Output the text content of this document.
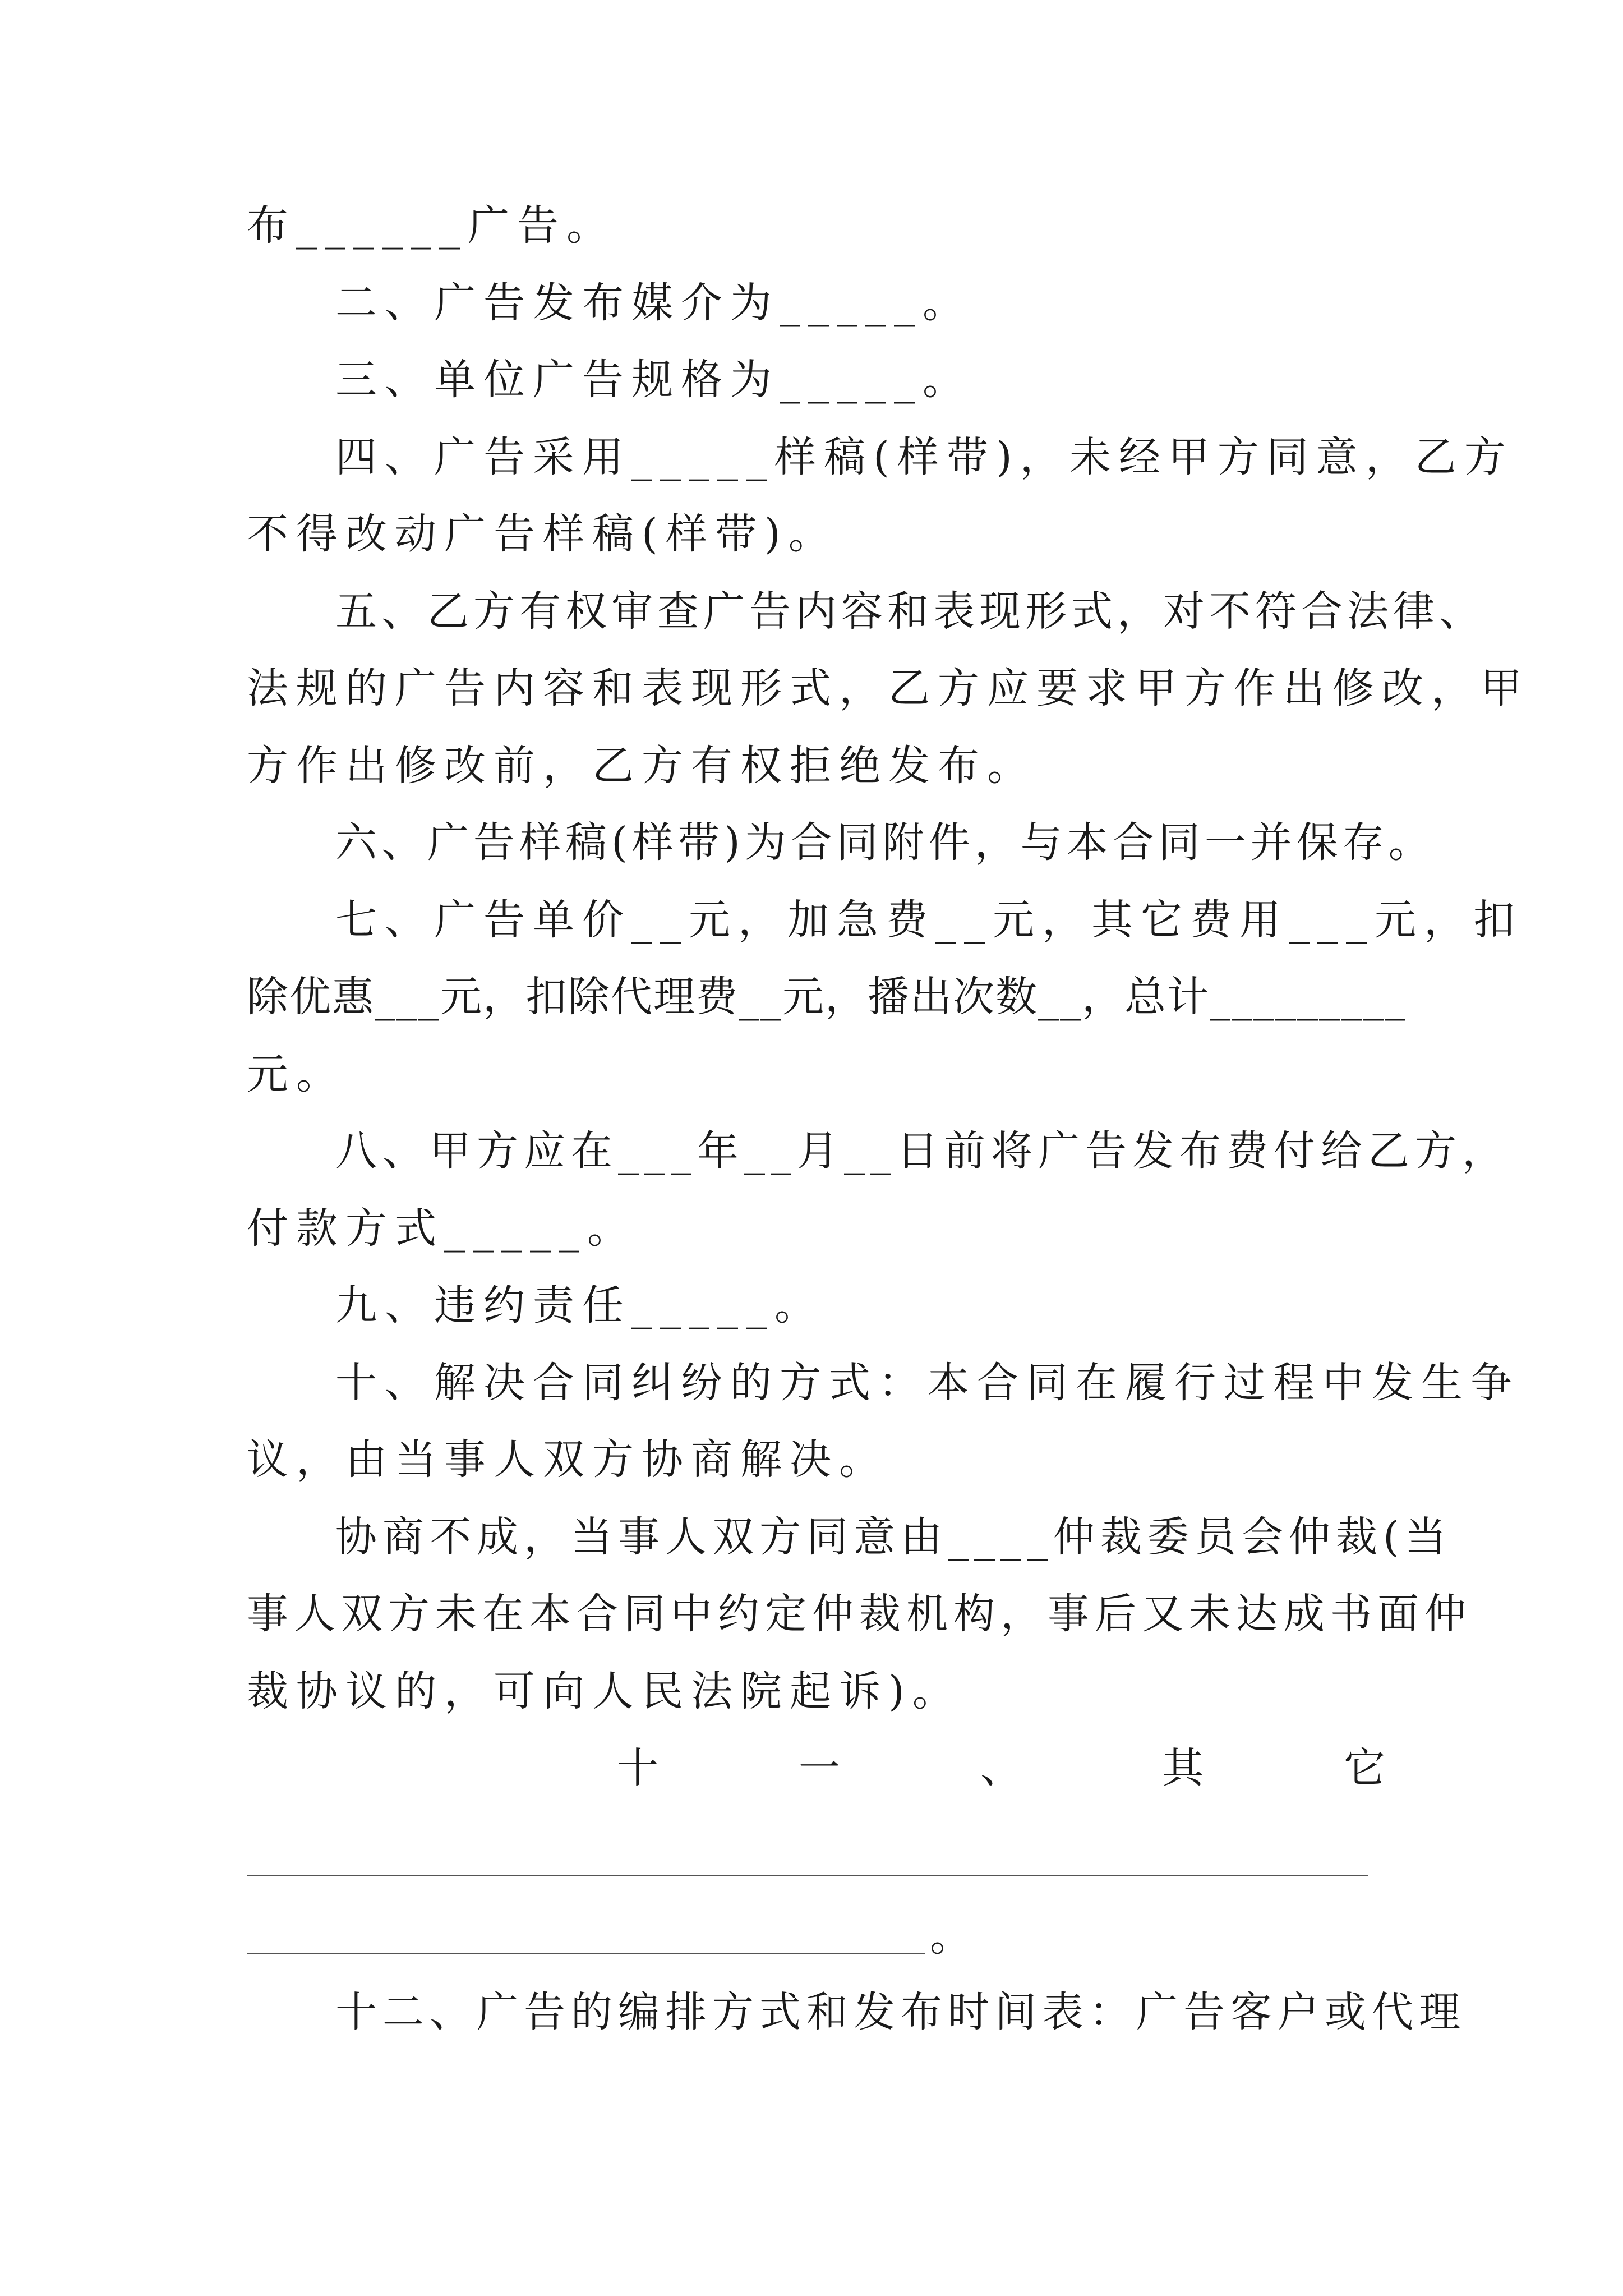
布______广告。
二、广告发布媒介为_____。
三、单位广告规格为_____。
四、广告采用_____样稿(样带)，未经甲方同意，乙方
不得改动广告样稿(样带)。
五、乙方有权审查广告内容和表现形式，对不符合法律、
法规的广告内容和表现形式，乙方应要求甲方作出修改，甲
方作出修改前，乙方有权拒绝发布。
六、广告样稿(样带)为合同附件，与本合同一并保存。
七、广告单价__元，加急费__元，其它费用___元，扣
除优惠___元，扣除代理费__元，播出次数__，总计_________
元。
八、甲方应在___年__月__日前将广告发布费付给乙方，
付款方式_____。
九、违约责任_____。
十、解决合同纠纷的方式：本合同在履行过程中发生争
议，由当事人双方协商解决。
协商不成，当事人双方同意由____仲裁委员会仲裁(当
事人双方未在本合同中约定仲裁机构，事后又未达成书面仲
裁协议的，可向人民法院起诉)。
十	一	、	其	它
。
十二、广告的编排方式和发布时间表：广告客户或代理
